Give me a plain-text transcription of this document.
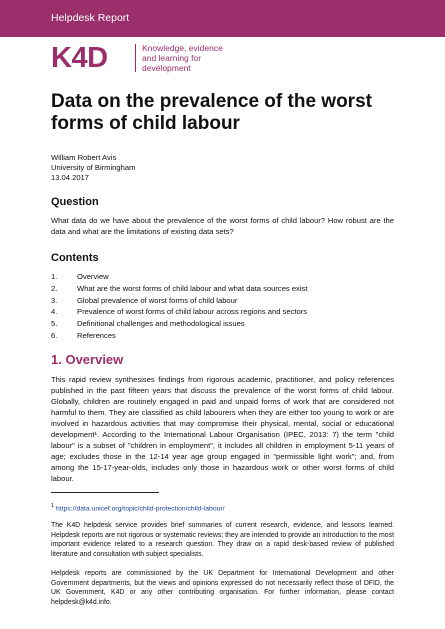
Helpdesk Report
K4D	Knowledge, evidence
and learning for
development
Data on the prevalence of the worst
forms of child labour
William Robert Avis
University of Birmingham
13.04.2017
Question

What data do we have about the prevalence of the worst forms of child labour? How robust are the data and what are the limitations of existing data sets?

Contents
1.	Overview
2.	What are the worst forms of child labour and what data sources exist
3.	Global prevalence of worst forms of child labour
4.	Prevalence of worst forms of child labour across regions and sectors
5.	Definitional challenges and methodological issues
6.	References
1. Overview

This rapid review synthesises findings from rigorous academic, practitioner, and policy references published in the past fifteen years that discuss the prevalence of the worst forms of child labour. Globally, children are routinely engaged in paid and unpaid forms of work that are considered not harmful to them. They are classified as child labourers when they are either too young to work or are involved in hazardous activities that may compromise their physical, mental, social or educational development¹. According to the International Labour Organisation (IPEC, 2013: 7) the term "child labour" is a subset of "children in employment", it includes all children in employment 5-11 years of age; excludes those in the 12-14 year age group engaged in "permissible light work"; and, from among the 15-17-year-olds, includes only those in hazardous work or other worst forms of child labour.

$^1$ https://data.unicef.org/topic/child-protection/child-labour/

The K4D helpdesk service provides brief summaries of current research, evidence, and lessons learned. Helpdesk reports are not rigorous or systematic reviews; they are intended to provide an introduction to the most important evidence related to a research question. They draw on a rapid desk-based review of published literature and consultation with subject specialists.

Helpdesk reports are commissioned by the UK Department for International Development and other Government departments, but the views and opinions expressed do not necessarily reflect those of DFID, the UK Government, K4D or any other contributing organisation. For further information, please contact helpdesk@k4d.info.
